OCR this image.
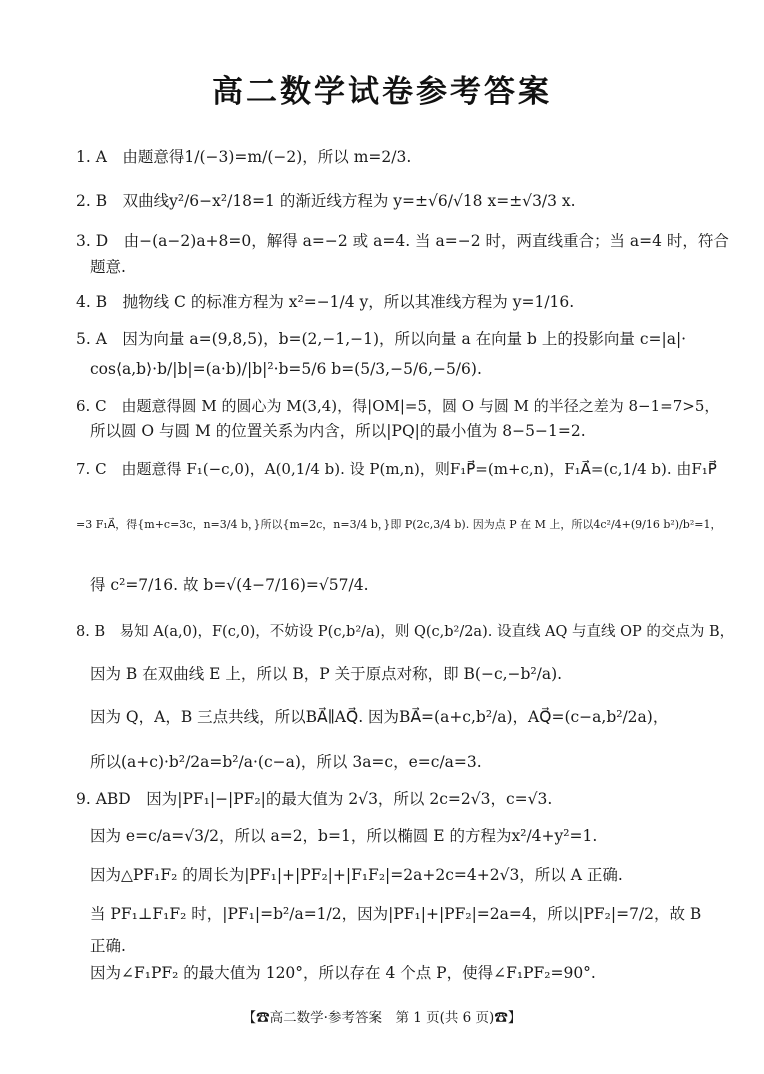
高二数学试卷参考答案
1. A　由题意得1/(−3)=m/(−2)，所以 m=2/3.
2. B　双曲线y²/6−x²/18=1 的渐近线方程为 y=±√6/√18 x=±√3/3 x.
3. D　由−(a−2)a+8=0，解得 a=−2 或 a=4. 当 a=−2 时，两直线重合；当 a=4 时，符合
题意.
4. B　抛物线 C 的标准方程为 x²=−1/4 y，所以其准线方程为 y=1/16.
5. A　因为向量 a=(9,8,5)，b=(2,−1,−1)，所以向量 a 在向量 b 上的投影向量 c=|a|·
cos⟨a,b⟩·b/|b|=(a·b)/|b|²·b=5/6 b=(5/3,−5/6,−5/6).
6. C　由题意得圆 M 的圆心为 M(3,4)，得|OM|=5，圆 O 与圆 M 的半径之差为 8−1=7>5，
所以圆 O 与圆 M 的位置关系为内含，所以|PQ|的最小值为 8−5−1=2.
7. C　由题意得 F₁(−c,0)，A(0,1/4 b). 设 P(m,n)，则F₁P⃗=(m+c,n)，F₁A⃗=(c,1/4 b). 由F₁P⃗
=3 F₁A⃗，得{m+c=3c，n=3/4 b，}所以{m=2c，n=3/4 b，}即 P(2c,3/4 b). 因为点 P 在 M 上，所以4c²/4+(9/16 b²)/b²=1，
得 c²=7/16. 故 b=√(4−7/16)=√57/4.
8. B　易知 A(a,0)，F(c,0)，不妨设 P(c,b²/a)，则 Q(c,b²/2a). 设直线 AQ 与直线 OP 的交点为 B，
因为 B 在双曲线 E 上，所以 B，P 关于原点对称，即 B(−c,−b²/a).
因为 Q，A，B 三点共线，所以BA⃗∥AQ⃗. 因为BA⃗=(a+c,b²/a)，AQ⃗=(c−a,b²/2a)，
所以(a+c)·b²/2a=b²/a·(c−a)，所以 3a=c，e=c/a=3.
9. ABD　因为|PF₁|−|PF₂|的最大值为 2√3，所以 2c=2√3，c=√3.
因为 e=c/a=√3/2，所以 a=2，b=1，所以椭圆 E 的方程为x²/4+y²=1.
因为△PF₁F₂ 的周长为|PF₁|+|PF₂|+|F₁F₂|=2a+2c=4+2√3，所以 A 正确.
当 PF₁⊥F₁F₂ 时，|PF₁|=b²/a=1/2，因为|PF₁|+|PF₂|=2a=4，所以|PF₂|=7/2，故 B
正确.
因为∠F₁PF₂ 的最大值为 120°，所以存在 4 个点 P，使得∠F₁PF₂=90°.
【☎高二数学·参考答案　第 1 页(共 6 页)☎】
